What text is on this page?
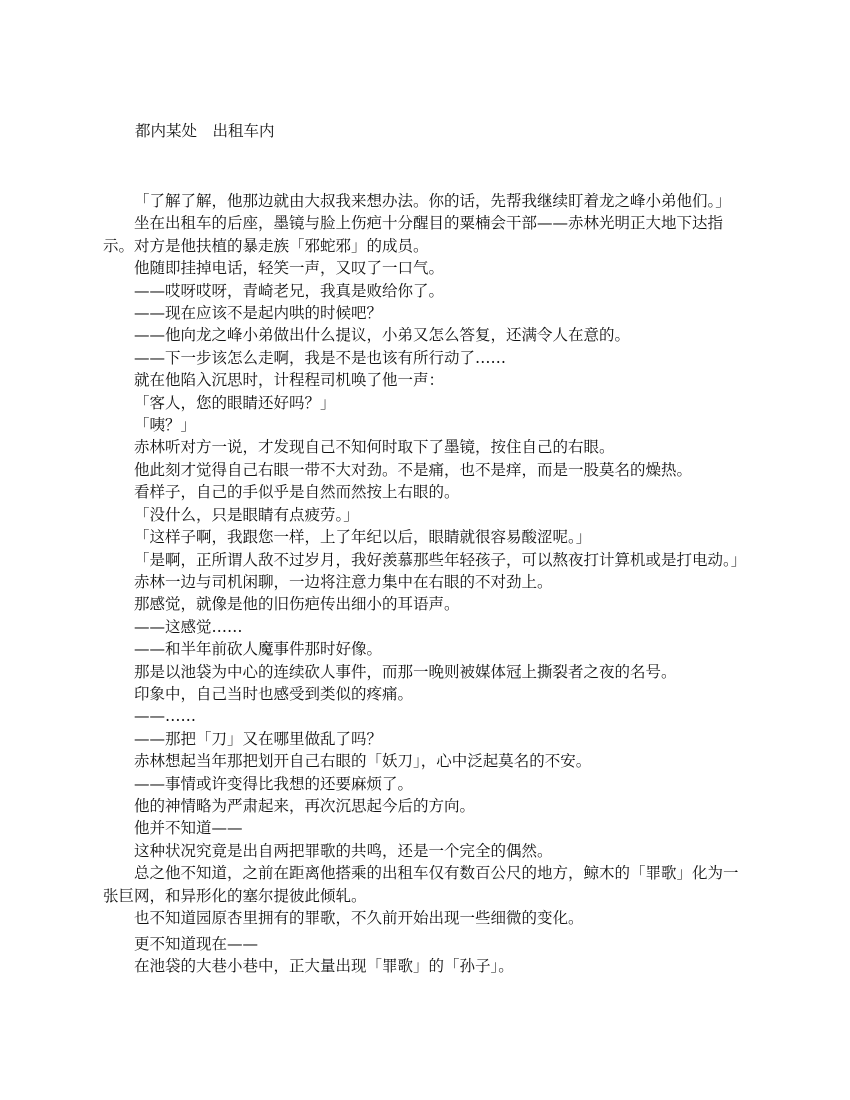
都内某处　出租车内

「了解了解，他那边就由大叔我来想办法。你的话，先帮我继续盯着龙之峰小弟他们。」

坐在出租车的后座，墨镜与脸上伤疤十分醒目的粟楠会干部——赤林光明正大地下达指示。对方是他扶植的暴走族「邪蛇邪」的成员。

他随即挂掉电话，轻笑一声，又叹了一口气。

——哎呀哎呀，青崎老兄，我真是败给你了。

——现在应该不是起内哄的时候吧？

——他向龙之峰小弟做出什么提议，小弟又怎么答复，还满令人在意的。

——下一步该怎么走啊，我是不是也该有所行动了……

就在他陷入沉思时，计程程司机唤了他一声：

「客人，您的眼睛还好吗？」

「咦？」

赤林听对方一说，才发现自己不知何时取下了墨镜，按住自己的右眼。

他此刻才觉得自己右眼一带不大对劲。不是痛，也不是痒，而是一股莫名的燥热。

看样子，自己的手似乎是自然而然按上右眼的。

「没什么，只是眼睛有点疲劳。」

「这样子啊，我跟您一样，上了年纪以后，眼睛就很容易酸涩呢。」

「是啊，正所谓人敌不过岁月，我好羡慕那些年轻孩子，可以熬夜打计算机或是打电动。」

赤林一边与司机闲聊，一边将注意力集中在右眼的不对劲上。

那感觉，就像是他的旧伤疤传出细小的耳语声。

——这感觉……

——和半年前砍人魔事件那时好像。

那是以池袋为中心的连续砍人事件，而那一晚则被媒体冠上撕裂者之夜的名号。

印象中，自己当时也感受到类似的疼痛。

——……

——那把「刀」又在哪里做乱了吗？

赤林想起当年那把划开自己右眼的「妖刀」，心中泛起莫名的不安。

——事情或许变得比我想的还要麻烦了。

他的神情略为严肃起来，再次沉思起今后的方向。

他并不知道——

这种状况究竟是出自两把罪歌的共鸣，还是一个完全的偶然。

总之他不知道，之前在距离他搭乘的出租车仅有数百公尺的地方，鲸木的「罪歌」化为一张巨网，和异形化的塞尔提彼此倾轧。

也不知道园原杏里拥有的罪歌，不久前开始出现一些细微的变化。

更不知道现在——

在池袋的大巷小巷中，正大量出现「罪歌」的「孙子」。
